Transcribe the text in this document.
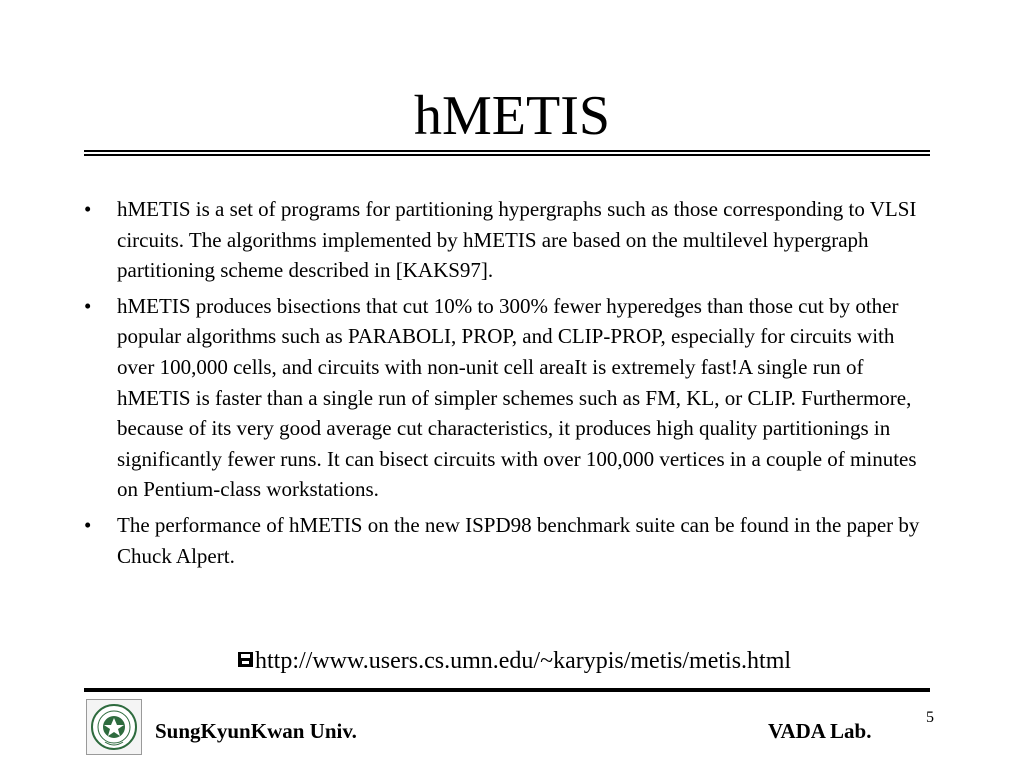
hMETIS
• hMETIS is a set of programs for partitioning hypergraphs such as those corresponding to VLSI circuits. The algorithms implemented by hMETIS are based on the multilevel hypergraph partitioning scheme described in [KAKS97].
• hMETIS produces bisections that cut 10% to 300% fewer hyperedges than those cut by other popular algorithms such as PARABOLI, PROP, and CLIP-PROP, especially for circuits with over 100,000 cells, and circuits with non-unit cell areaIt is extremely fast!A single run of hMETIS is faster than a single run of simpler schemes such as FM, KL, or CLIP. Furthermore, because of its very good average cut characteristics, it produces high quality partitionings in significantly fewer runs. It can bisect circuits with over 100,000 vertices in a couple of minutes on Pentium-class workstations.
• The performance of hMETIS on the new ISPD98 benchmark suite can be found in the paper by Chuck Alpert.
http://www.users.cs.umn.edu/~karypis/metis/metis.html
SungKyunKwan Univ.	VADA Lab.
5
